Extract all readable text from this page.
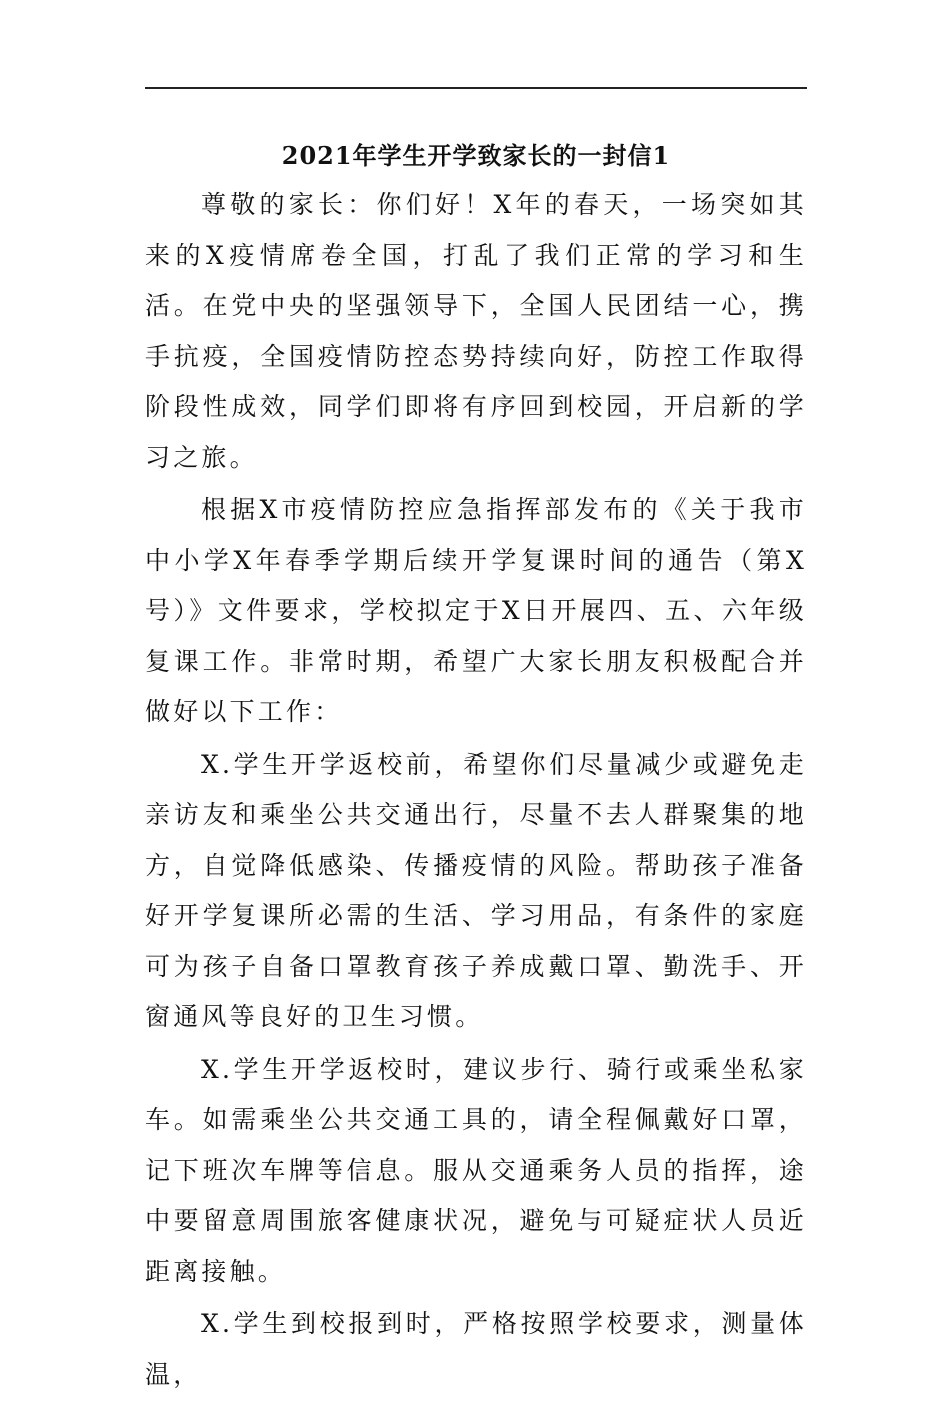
2021年学生开学致家长的一封信1

尊敬的家长：你们好！X年的春天，一场突如其来的X疫情席卷全国，打乱了我们正常的学习和生活。在党中央的坚强领导下，全国人民团结一心，携手抗疫，全国疫情防控态势持续向好，防控工作取得阶段性成效，同学们即将有序回到校园，开启新的学习之旅。

根据X市疫情防控应急指挥部发布的《关于我市中小学X年春季学期后续开学复课时间的通告（第X号）》文件要求，学校拟定于X日开展四、五、六年级复课工作。非常时期，希望广大家长朋友积极配合并做好以下工作：

X.学生开学返校前，希望你们尽量减少或避免走亲访友和乘坐公共交通出行，尽量不去人群聚集的地方，自觉降低感染、传播疫情的风险。帮助孩子准备好开学复课所必需的生活、学习用品，有条件的家庭可为孩子自备口罩教育孩子养成戴口罩、勤洗手、开窗通风等良好的卫生习惯。

X.学生开学返校时，建议步行、骑行或乘坐私家车。如需乘坐公共交通工具的，请全程佩戴好口罩，记下班次车牌等信息。服从交通乘务人员的指挥，途中要留意周围旅客健康状况，避免与可疑症状人员近距离接触。

X.学生到校报到时，严格按照学校要求，测量体温，
